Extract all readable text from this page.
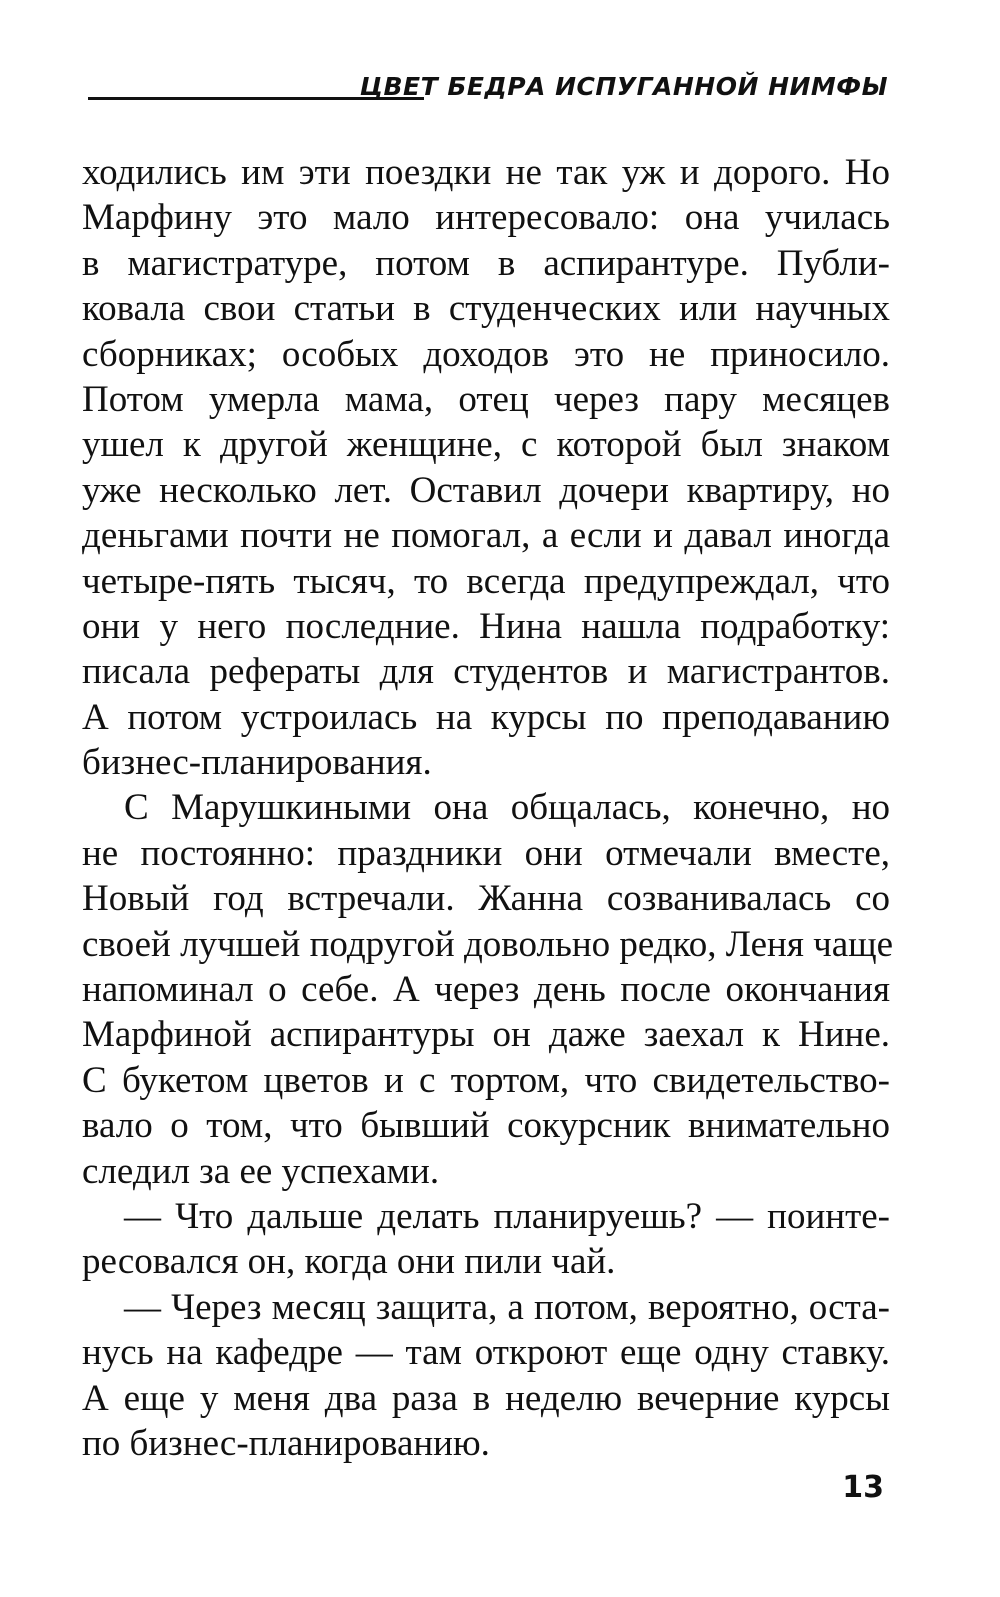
ЦВЕТ БЕДРА ИСПУГАННОЙ НИМФЫ
ходились им эти поездки не так уж и дорого. Но
Марфину это мало интересовало: она училась
в магистратуре, потом в аспирантуре. Публи-
ковала свои статьи в студенческих или научных
сборниках; особых доходов это не приносило.
Потом умерла мама, отец через пару месяцев
ушел к другой женщине, с которой был знаком
уже несколько лет. Оставил дочери квартиру, но
деньгами почти не помогал, а если и давал иногда
четыре-пять тысяч, то всегда предупреждал, что
они у него последние. Нина нашла подработку:
писала рефераты для студентов и магистрантов.
А потом устроилась на курсы по преподаванию
бизнес-планирования.
С Марушкиными она общалась, конечно, но
не постоянно: праздники они отмечали вместе,
Новый год встречали. Жанна созванивалась со
своей лучшей подругой довольно редко, Леня чаще
напоминал о себе. А через день после окончания
Марфиной аспирантуры он даже заехал к Нине.
С букетом цветов и с тортом, что свидетельство-
вало о том, что бывший сокурсник внимательно
следил за ее успехами.
— Что дальше делать планируешь? — поинте-
ресовался он, когда они пили чай.
— Через месяц защита, а потом, вероятно, оста-
нусь на кафедре — там откроют еще одну ставку.
А еще у меня два раза в неделю вечерние курсы
по бизнес-планированию.
13
